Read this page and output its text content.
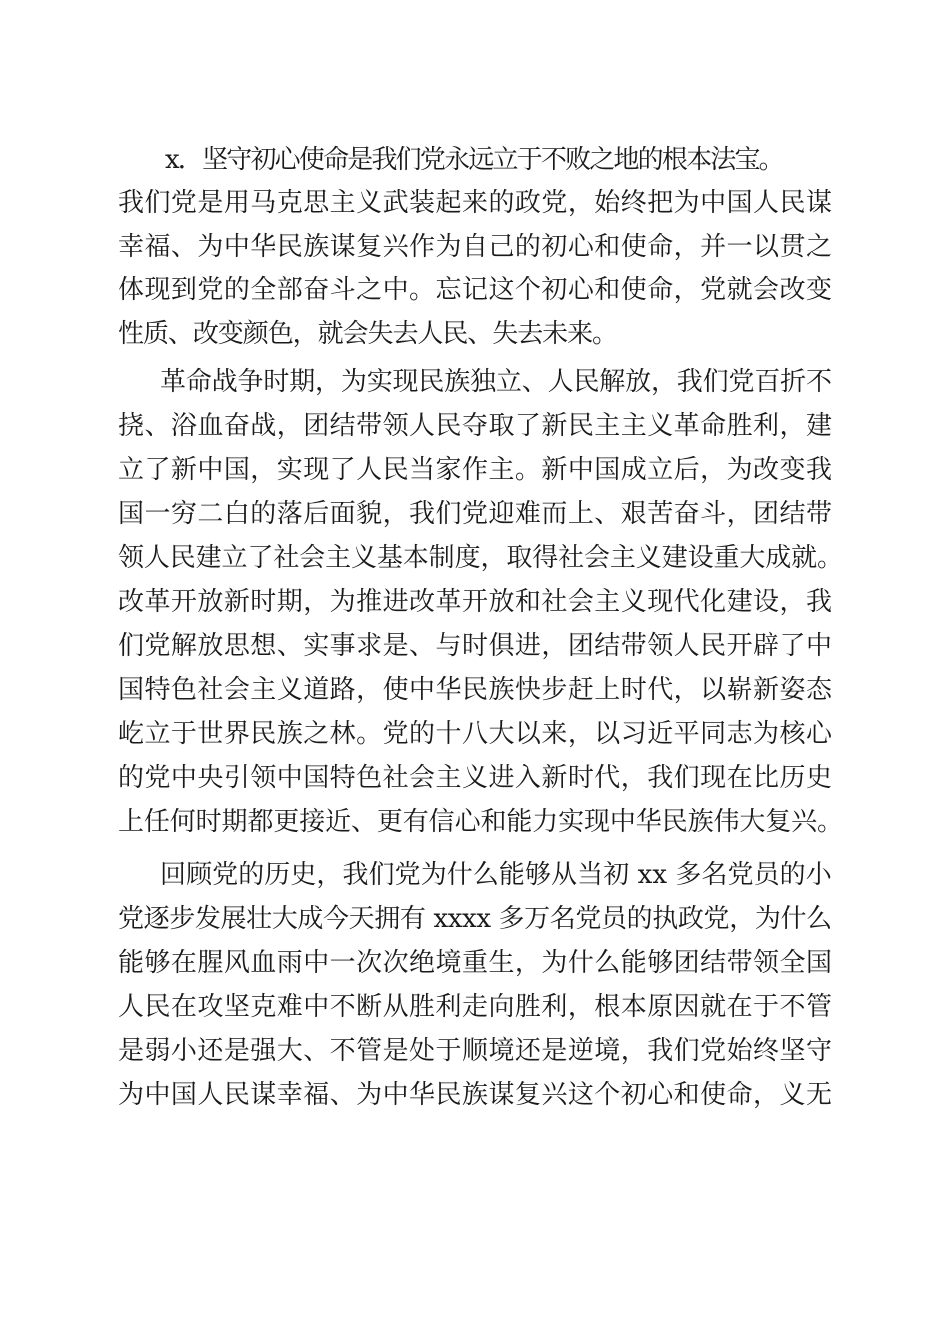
x．坚守初心使命是我们党永远立于不败之地的根本法宝。
我们党是用马克思主义武装起来的政党，始终把为中国人民谋
幸福、为中华民族谋复兴作为自己的初心和使命，并一以贯之
体现到党的全部奋斗之中。忘记这个初心和使命，党就会改变
性质、改变颜色，就会失去人民、失去未来。
革命战争时期，为实现民族独立、人民解放，我们党百折不
挠、浴血奋战，团结带领人民夺取了新民主主义革命胜利，建
立了新中国，实现了人民当家作主。新中国成立后，为改变我
国一穷二白的落后面貌，我们党迎难而上、艰苦奋斗，团结带
领人民建立了社会主义基本制度，取得社会主义建设重大成就。
改革开放新时期，为推进改革开放和社会主义现代化建设，我
们党解放思想、实事求是、与时俱进，团结带领人民开辟了中
国特色社会主义道路，使中华民族快步赶上时代，以崭新姿态
屹立于世界民族之林。党的十八大以来，以习近平同志为核心
的党中央引领中国特色社会主义进入新时代，我们现在比历史
上任何时期都更接近、更有信心和能力实现中华民族伟大复兴。
回顾党的历史，我们党为什么能够从当初 xx 多名党员的小
党逐步发展壮大成今天拥有 xxxx 多万名党员的执政党，为什么
能够在腥风血雨中一次次绝境重生，为什么能够团结带领全国
人民在攻坚克难中不断从胜利走向胜利，根本原因就在于不管
是弱小还是强大、不管是处于顺境还是逆境，我们党始终坚守
为中国人民谋幸福、为中华民族谋复兴这个初心和使命，义无
